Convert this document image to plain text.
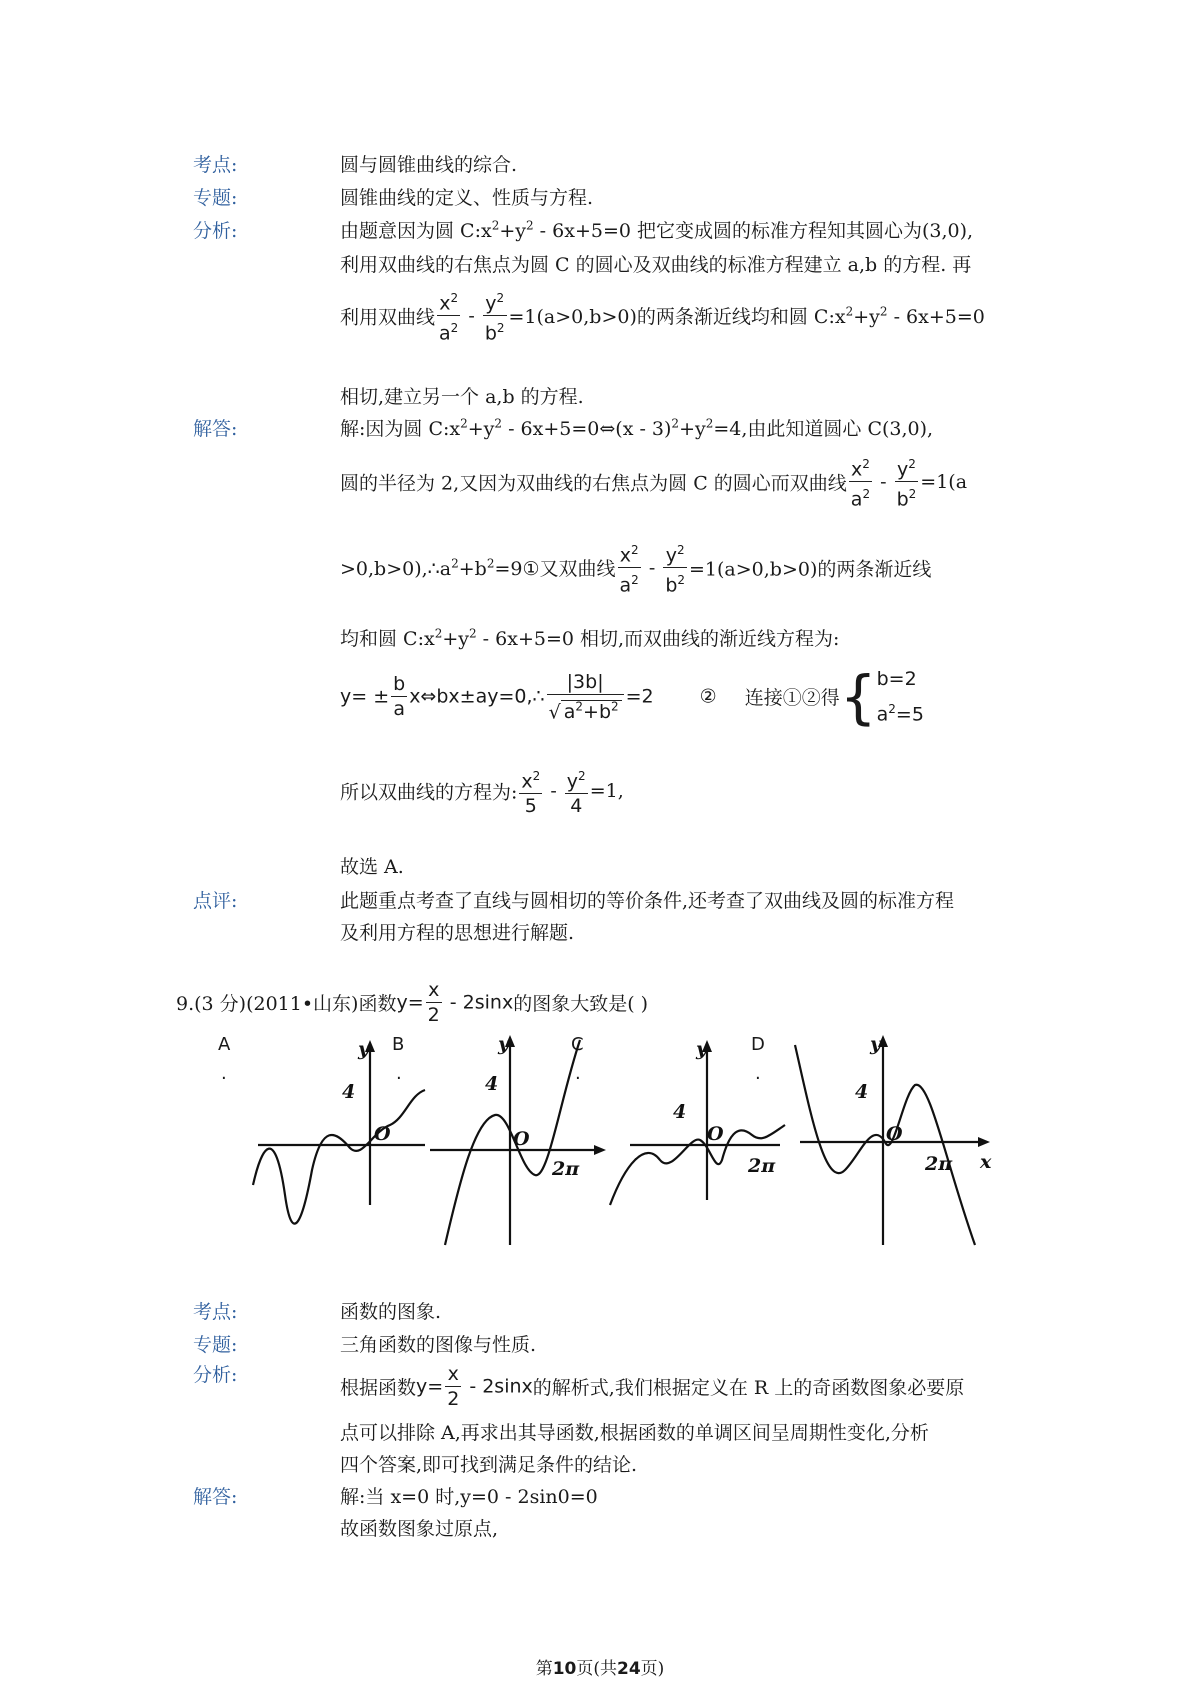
考点:	圆与圆锥曲线的综合.
专题:	圆锥曲线的定义、性质与方程.
分析:	由题意因为圆 $C:x^2+y^2 - 6x+5=0$ 把它变成圆的标准方程知其圆心为(3,0),
利用双曲线的右焦点为圆 C 的圆心及双曲线的标准方程建立 a,b 的方程. 再
利用双曲线 $\frac{x^2}{a^2} - \frac{y^2}{b^2} =1(a>0,b>0)$的两条渐近线均和圆 $C:x^2+y^2 - 6x+5=0$
相切,建立另一个 a,b 的方程.
解答:	解:因为圆 $C:x^2+y^2$ - 6x+5=0⇔(x - $3)^2+y^2=4$,由此知道圆心 C(3,0),
圆的半径为 2,又因为双曲线的右焦点为圆 C 的圆心而双曲线 $\frac{x^2}{a^2} - \frac{y^2}{b^2} =1(a$
$>0,b>0),\therefore a^2+b^2=9①$又双曲线 $\frac{x^2}{a^2} - \frac{y^2}{b^2} =1(a>0,b>0)$的两条渐近线
均和圆 $C:x^2+y^2 - 6x+5=0$ 相切,而双曲线的渐近线方程为:
$y= \pm \frac{b}{a}$ x⇔bx±ay=0,∴ $\frac{|3b|}{√ a^2+b^2} =2$ ② 连接①②得{ b=2
$a^2=5$
所以双曲线的方程为: $\frac{x^2}{5} - \frac{y^2}{4} =1$,
故选 A.
点评:	此题重点考查了直线与圆相切的等价条件,还考查了双曲线及圆的标准方程
及利用方程的思想进行解题.
9.(3 分)(2011•山东)函数$y= \frac{x}{2} - 2\sin x$的图象大致是( )
A
.
B
.
C
.
D
.
y
4
O
y
4
O
2π
y
4
O
2π
y
4
O
2π x
考点:	函数的图象.
专题:	三角函数的图像与性质.
分析:
根据函数$y= \frac{x}{2} - 2\sin x$的解析式,我们根据定义在 R 上的奇函数图象必要原
点可以排除 A,再求出其导函数,根据函数的单调区间呈周期性变化,分析
四个答案,即可找到满足条件的结论.
解答:	解:当 x=0 时,y=0 - 2sin0=0
故函数图象过原点,
第10页(共24页)
